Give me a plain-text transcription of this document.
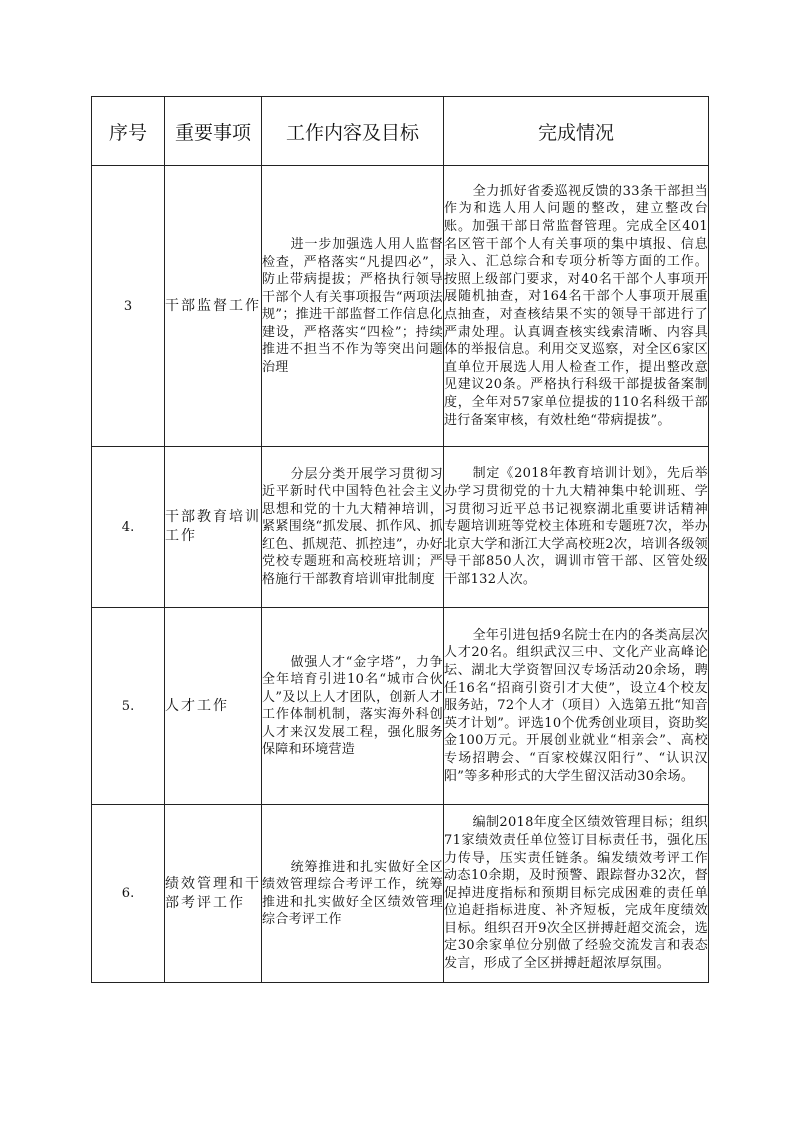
序号	重要事项	工作内容及目标	完成情况
3	干部监督工作	进一步加强选人用人监督检查，严格落实“凡提四必”，防止带病提拔；严格执行领导干部个人有关事项报告“两项法规”；推进干部监督工作信息化建设，严格落实“四检”；持续推进不担当不作为等突出问题治理	全力抓好省委巡视反馈的33条干部担当作为和选人用人问题的整改，建立整改台账。加强干部日常监督管理。完成全区401名区管干部个人有关事项的集中填报、信息录入、汇总综合和专项分析等方面的工作。按照上级部门要求，对40名干部个人事项开展随机抽查，对164名干部个人事项开展重点抽查，对查核结果不实的领导干部进行了严肃处理。认真调查核实线索清晰、内容具体的举报信息。利用交叉巡察，对全区6家区直单位开展选人用人检查工作，提出整改意见建议20条。严格执行科级干部提拔备案制度，全年对57家单位提拔的110名科级干部进行备案审核，有效杜绝“带病提拔”。

4.	干部教育培训工作	分层分类开展学习贯彻习近平新时代中国特色社会主义思想和党的十九大精神培训，紧紧围绕“抓发展、抓作风、抓红色、抓规范、抓控违”，办好党校专题班和高校班培训；严格施行干部教育培训审批制度	制定《2018年教育培训计划》，先后举办学习贯彻党的十九大精神集中轮训班、学习贯彻习近平总书记视察湖北重要讲话精神专题培训班等党校主体班和专题班7次，举办北京大学和浙江大学高校班2次，培训各级领导干部850人次，调训市管干部、区管处级干部132人次。

5.	人才工作	做强人才“金字塔”，力争全年培育引进10名“城市合伙人”及以上人才团队，创新人才工作体制机制，落实海外科创人才来汉发展工程，强化服务保障和环境营造	全年引进包括9名院士在内的各类高层次人才20名。组织武汉三中、文化产业高峰论坛、湖北大学资智回汉专场活动20余场，聘任16名“招商引资引才大使”，设立4个校友服务站，72个人才（项目）入选第五批“知音英才计划”。评选10个优秀创业项目，资助奖金100万元。开展创业就业“相亲会”、高校专场招聘会、“百家校媒汉阳行”、“认识汉阳”等多种形式的大学生留汉活动30余场。

6.	绩效管理和干部考评工作	统筹推进和扎实做好全区绩效管理综合考评工作，统筹推进和扎实做好全区绩效管理综合考评工作	编制2018年度全区绩效管理目标；组织71家绩效责任单位签订目标责任书，强化压力传导，压实责任链条。编发绩效考评工作动态10余期，及时预警、跟踪督办32次，督促掉进度指标和预期目标完成困难的责任单位追赶指标进度、补齐短板，完成年度绩效目标。组织召开9次全区拼搏赶超交流会，选定30余家单位分别做了经验交流发言和表态发言，形成了全区拼搏赶超浓厚氛围。
